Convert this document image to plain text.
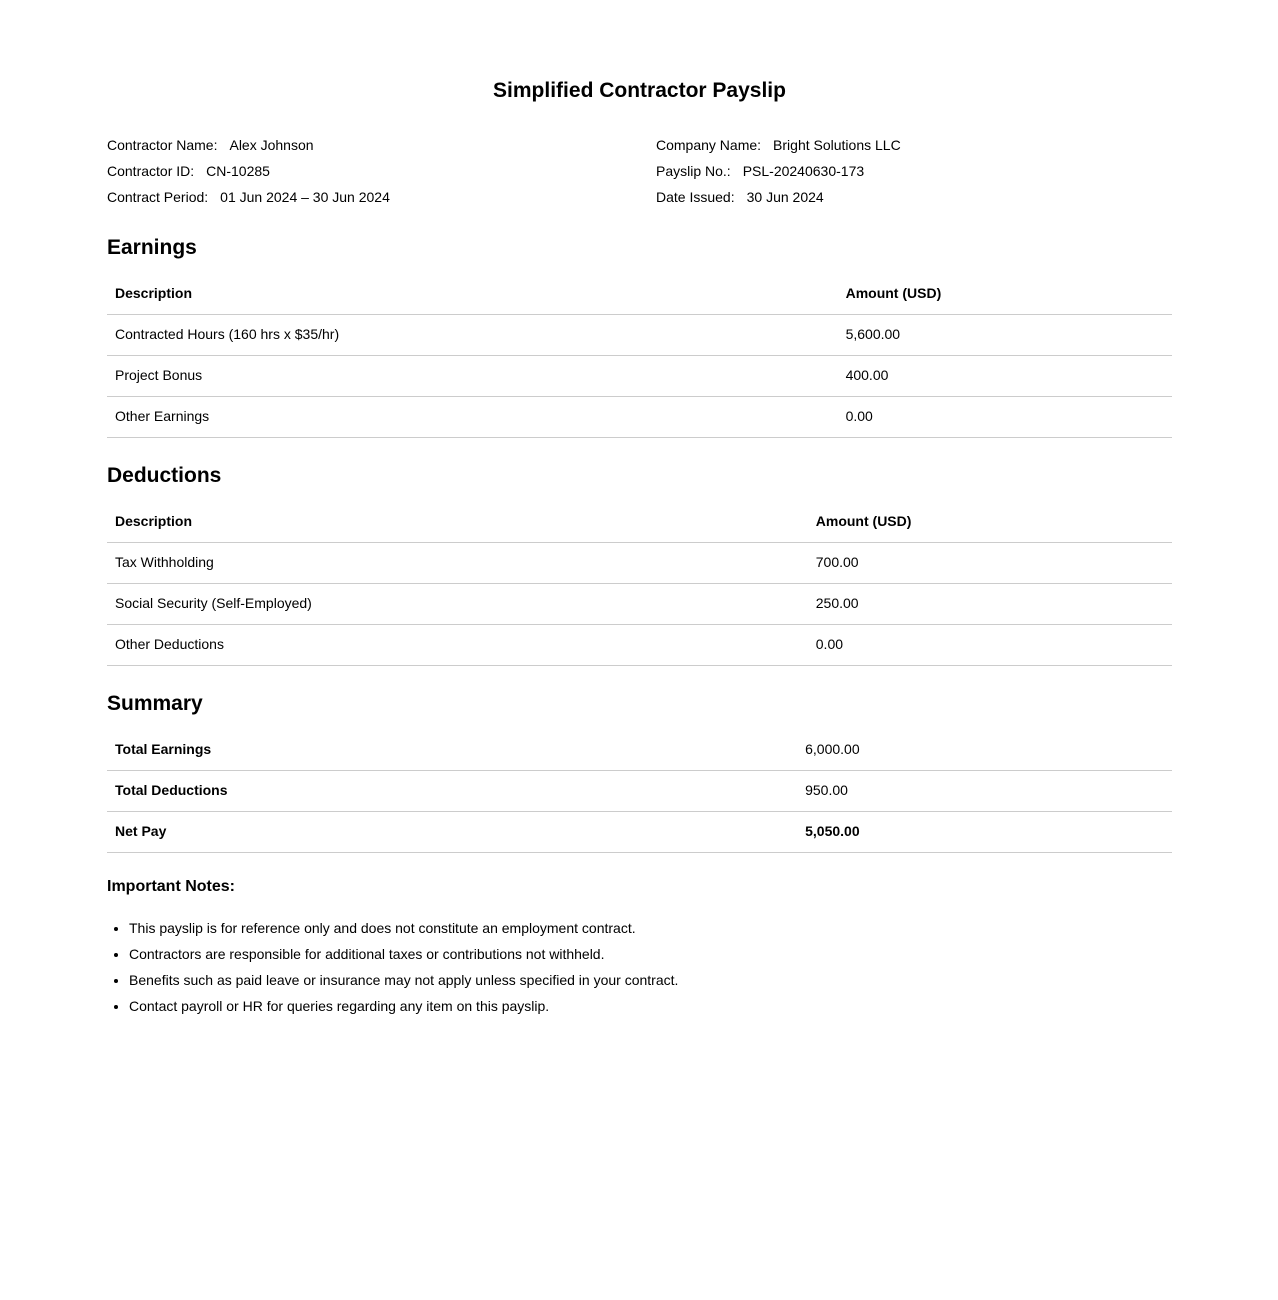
Simplified Contractor Payslip
Contractor Name: Alex Johnson
Contractor ID: CN-10285
Contract Period: 01 Jun 2024 – 30 Jun 2024
Company Name: Bright Solutions LLC
Payslip No.: PSL-20240630-173
Date Issued: 30 Jun 2024
Earnings
Description	Amount (USD)
Contracted Hours (160 hrs x $35/hr)	5,600.00
Project Bonus	400.00
Other Earnings	0.00
Deductions
Description	Amount (USD)
Tax Withholding	700.00
Social Security (Self-Employed)	250.00
Other Deductions	0.00
Summary
Total Earnings	6,000.00
Total Deductions	950.00
Net Pay	5,050.00
Important Notes:
• This payslip is for reference only and does not constitute an employment contract.
• Contractors are responsible for additional taxes or contributions not withheld.
• Benefits such as paid leave or insurance may not apply unless specified in your contract.
• Contact payroll or HR for queries regarding any item on this payslip.
